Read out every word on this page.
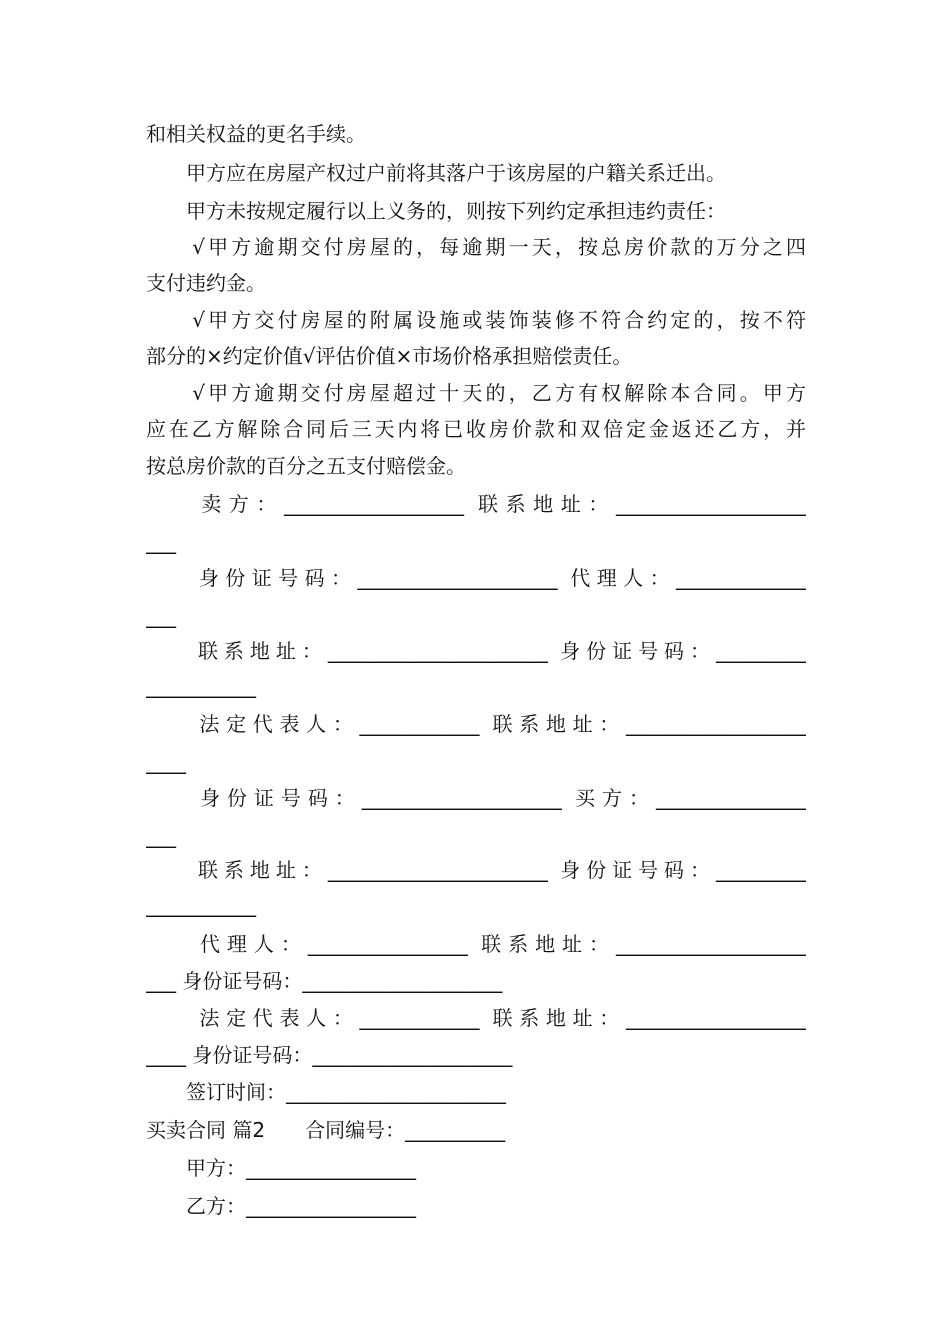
和相关权益的更名手续。
　　甲方应在房屋产权过户前将其落户于该房屋的户籍关系迁出。
　　甲方未按规定履行以上义务的，则按下列约定承担违约责任：
　　√甲方逾期交付房屋的，每逾期一天，按总房价款的万分之四
支付违约金。
　　√甲方交付房屋的附属设施或装饰装修不符合约定的，按不符
部分的×约定价值√评估价值×市场价格承担赔偿责任。
　　√甲方逾期交付房屋超过十天的，乙方有权解除本合同。甲方
应在乙方解除合同后三天内将已收房价款和双倍定金返还乙方，并
按总房价款的百分之五支付赔偿金。
　　卖方：__________________ 联系地址：___________________
___
　　身份证号码：____________________ 代理人：_____________
___
　　联系地址：______________________ 身份证号码：_________
___________
　　法定代表人：____________ 联系地址：__________________
____
　　身份证号码：____________________ 买方：_______________
___
　　联系地址：______________________ 身份证号码：_________
___________
　　代理人：________________ 联系地址：___________________
___ 身份证号码：____________________
　　法定代表人：____________ 联系地址：__________________
____ 身份证号码：____________________
　　签订时间：______________________
买卖合同 篇2　　合同编号：__________
　　甲方：_________________
　　乙方：_________________
